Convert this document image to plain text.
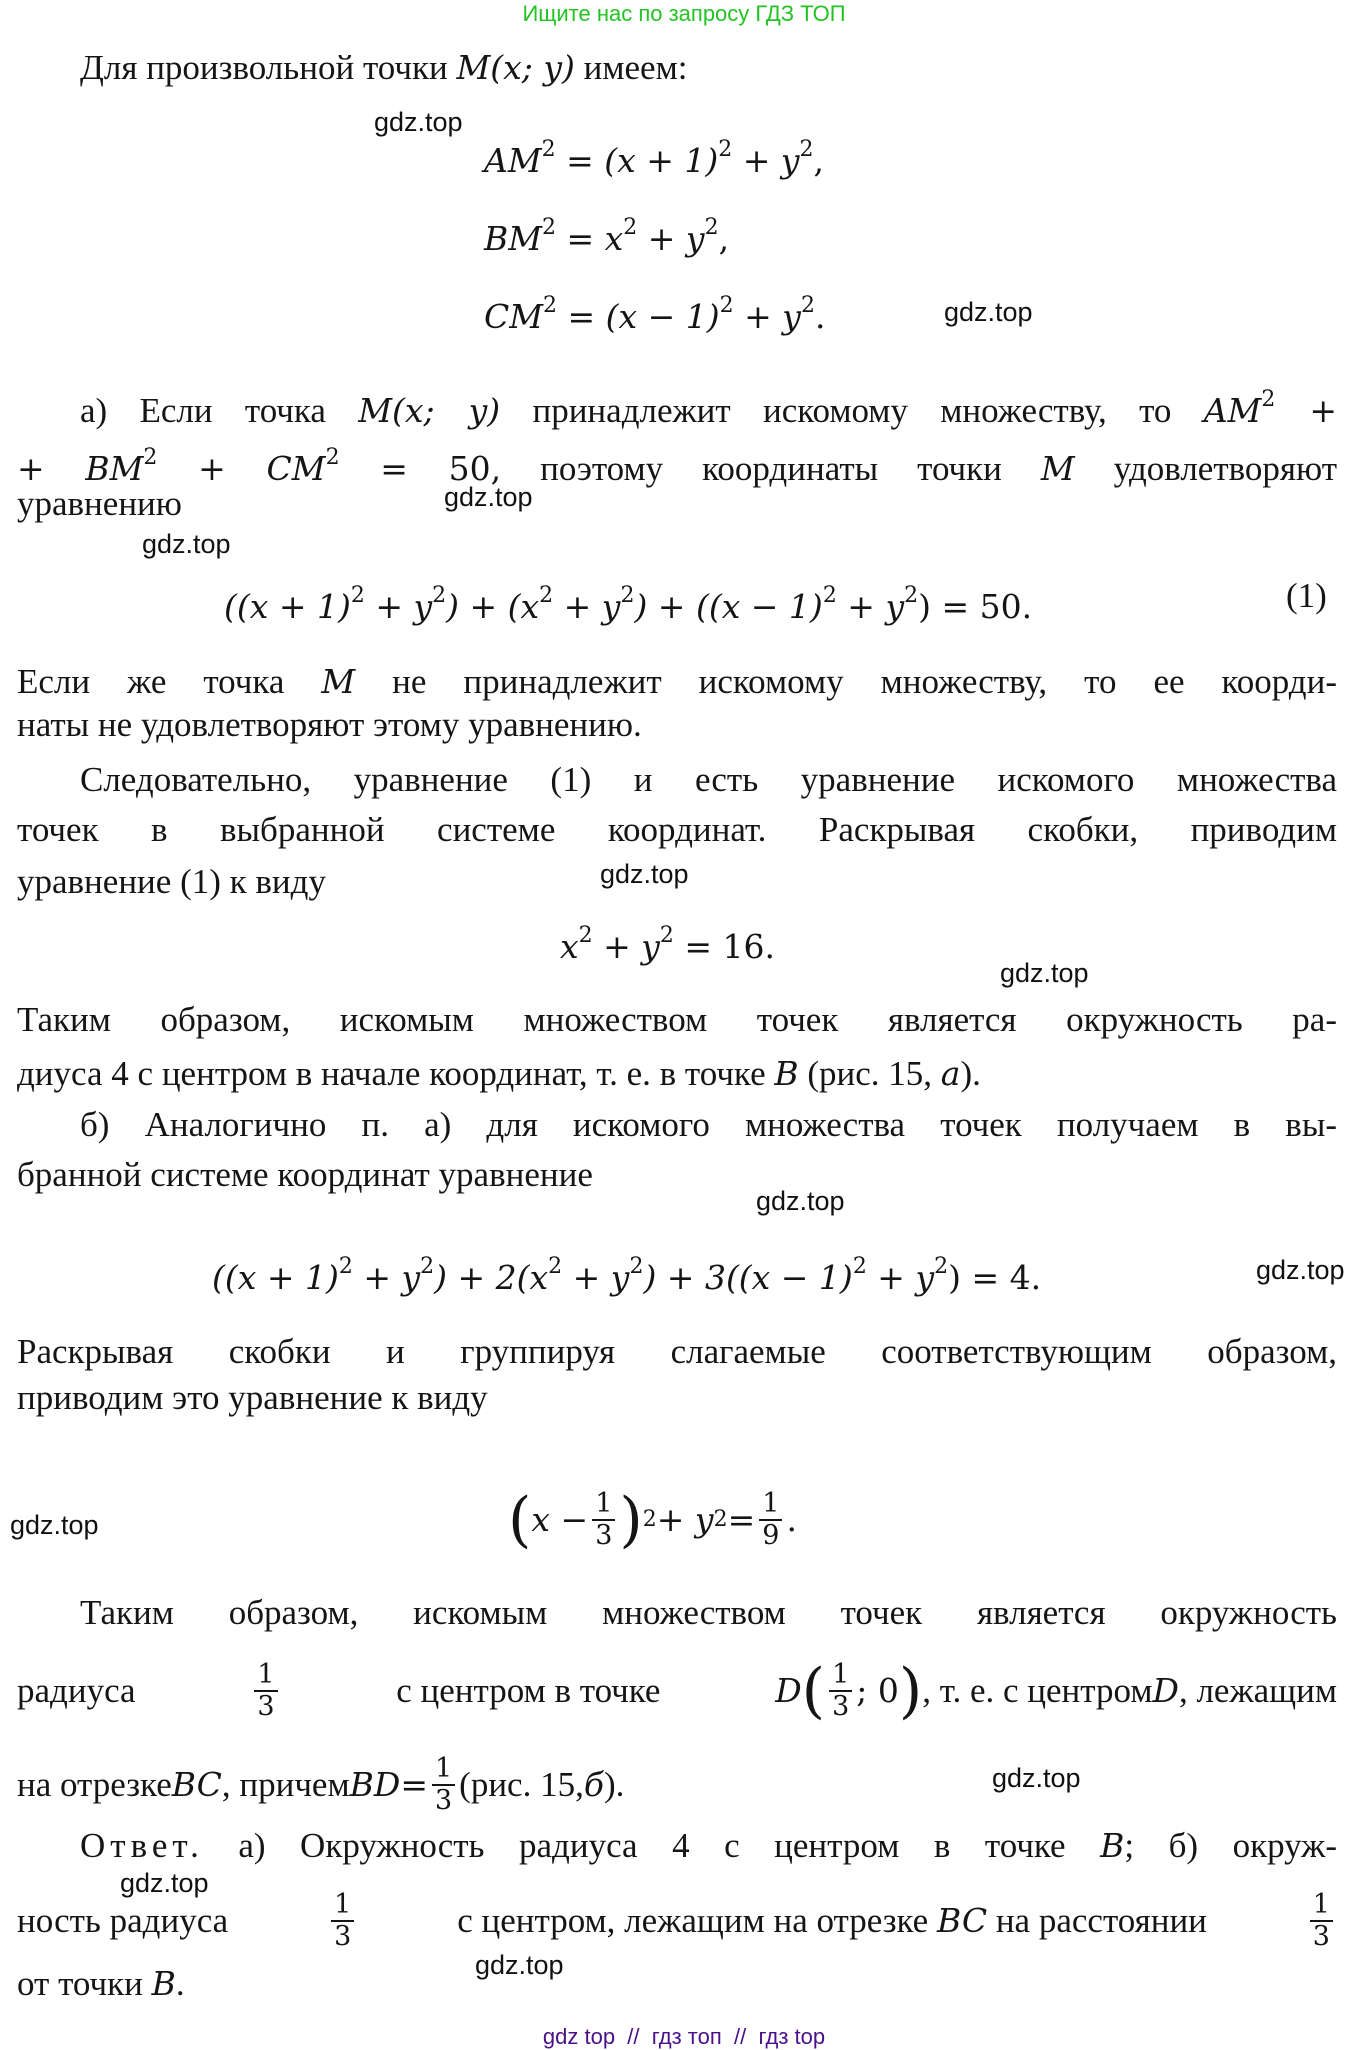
Ищите нас по запросу ГДЗ ТОП
Для произвольной точки M(x; y) имеем:
gdz.top
$AM^2 = (x + 1)^2 + y^2$,
$BM^2 = x^2 + y^2$,
$CM^2 = (x - 1)^2 + y^2$.	gdz.top
а) Если точка M(x; y) принадлежит искомому множеству, то $AM^2$ +
+ $BM^2 + CM^2 = 50$, поэтому координаты точки M удовлетворяют
уравнению	gdz.top
gdz.top
$((x + 1)^2 + y^2) + (x^2 + y^2) + ((x - 1)^2 + y^2) = 50$.	(1)
Если же точка M не принадлежит искомому множеству, то ее коорди-
наты не удовлетворяют этому уравнению.
Следовательно, уравнение (1) и есть уравнение искомого множества
точек в выбранной системе координат. Раскрывая скобки, приводим
уравнение (1) к виду	gdz.top
$x^2 + y^2 = 16$.
gdz.top
Таким образом, искомым множеством точек является окружность ра-
диуса 4 с центром в начале координат, т. е. в точке B (рис. 15, а).
б) Аналогично п. а) для искомого множества точек получаем в вы-
бранной системе координат уравнение
gdz.top
$((x + 1)^2 + y^2) + 2(x^2 + y^2) + 3((x - 1)^2 + y^2) = 4$.	gdz.top
Раскрывая скобки и группируя слагаемые соответствующим образом,
приводим это уравнение к виду
gdz.top	( $x - \frac{1}{3}$ ) 2 + y $2 = \frac{1}{9}$ .
Таким образом, искомым множеством точек является окружность
радиуса	$\frac{1}{3}$	с центром в точке	D ( $\frac{1}{3}$ ; 0 ) , т. е. с центром D , лежащим
на отрезке BC , причем BD = $\frac{1}{3} (рис$. 15, б ).	gdz.top
Ответ. а) Окружность радиуса 4 с центром в точке B; б) окруж-
gdz.top
ность радиуса	$\frac{1}{3}$	с центром, лежащим на отрезке BC на расстоянии	$\frac{1}{3}$
gdz.top
от точки B.
gdz top  //  гдз топ  //  гдз top
